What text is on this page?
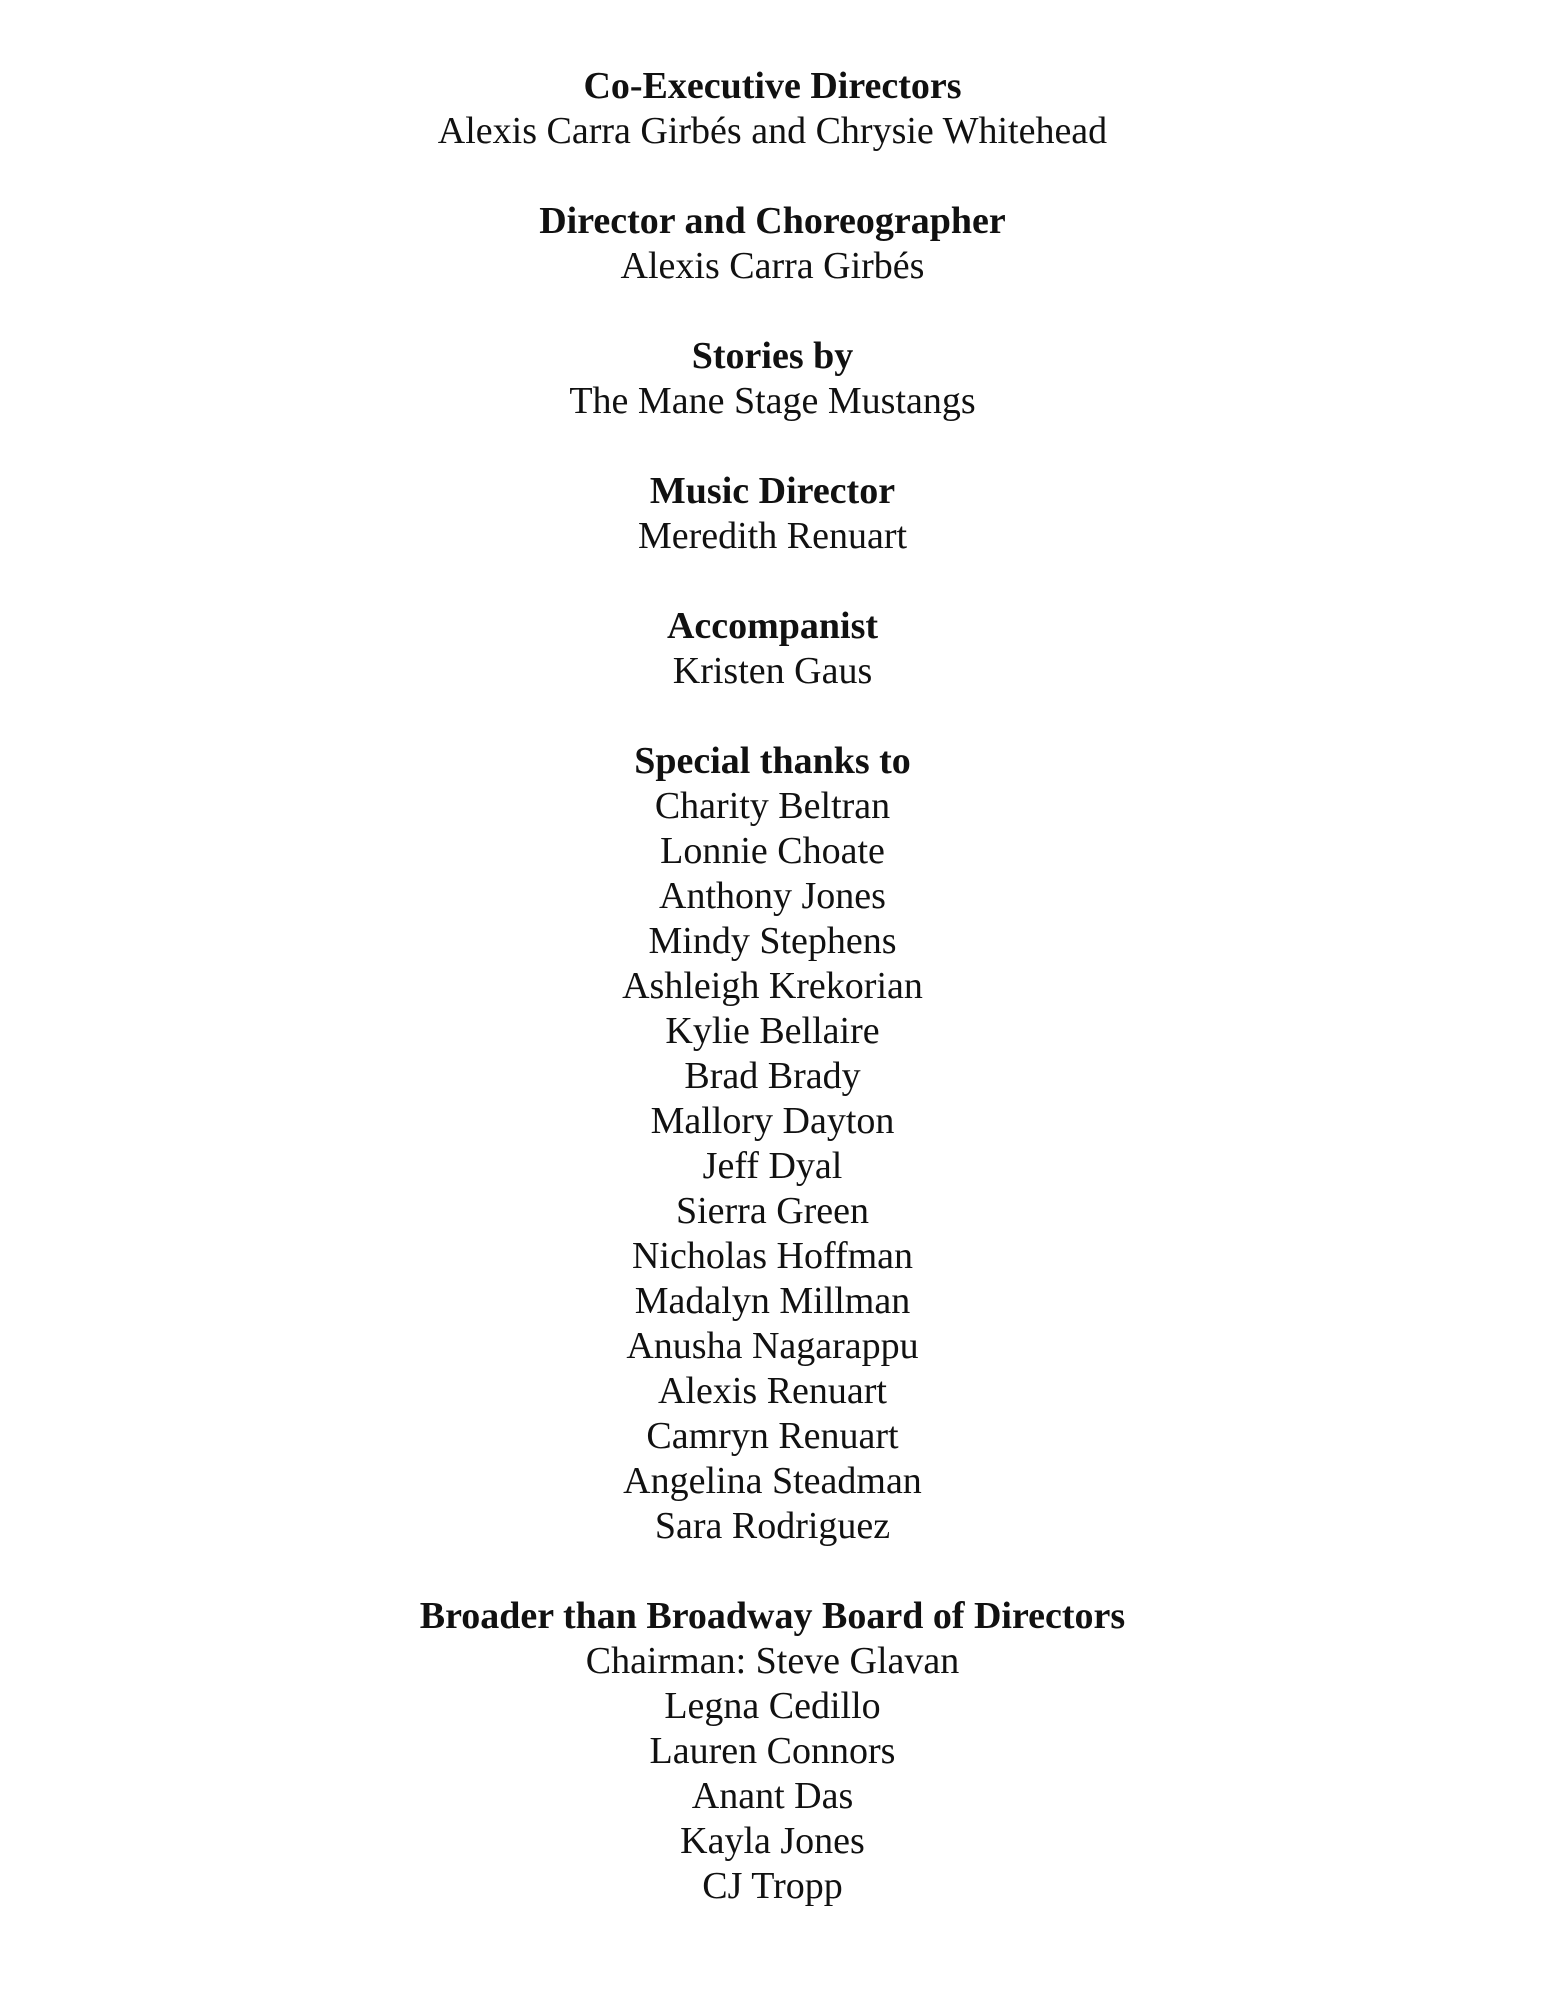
Co-Executive Directors

Alexis Carra Girbés and Chrysie Whitehead

Director and Choreographer

Alexis Carra Girbés

Stories by

The Mane Stage Mustangs

Music Director

Meredith Renuart

Accompanist

Kristen Gaus

Special thanks to

Charity Beltran

Lonnie Choate

Anthony Jones

Mindy Stephens

Ashleigh Krekorian

Kylie Bellaire

Brad Brady

Mallory Dayton

Jeff Dyal

Sierra Green

Nicholas Hoffman

Madalyn Millman

Anusha Nagarappu

Alexis Renuart

Camryn Renuart

Angelina Steadman

Sara Rodriguez

Broader than Broadway Board of Directors

Chairman: Steve Glavan

Legna Cedillo

Lauren Connors

Anant Das

Kayla Jones

CJ Tropp
